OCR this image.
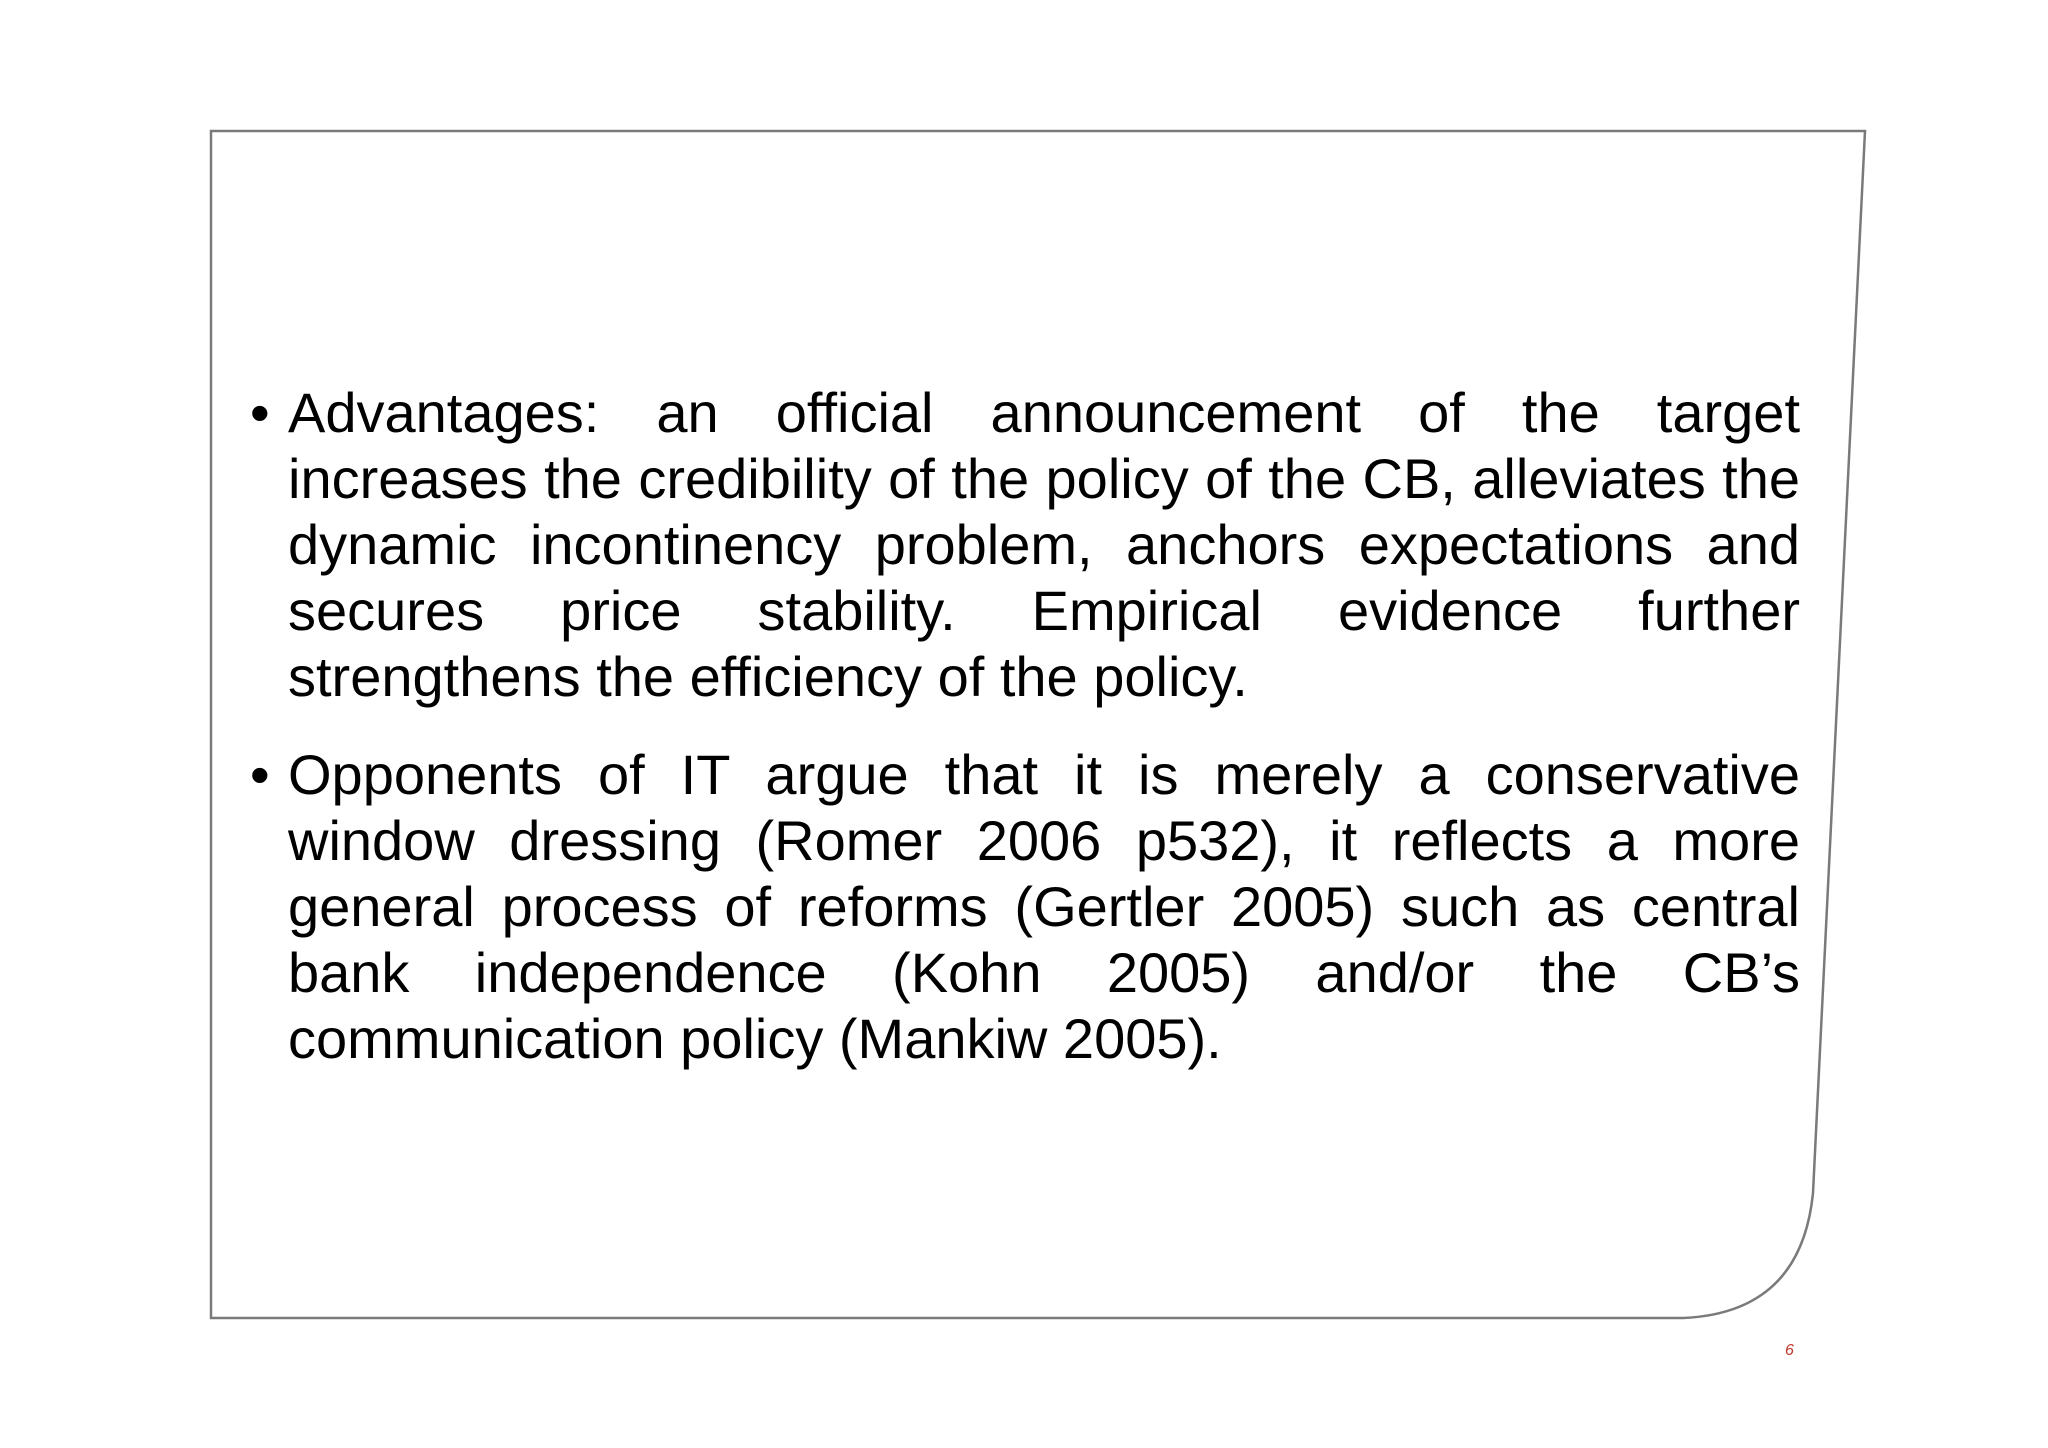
• Advantages: an official announcement of the target increases the credibility of the policy of the CB, alleviates the dynamic incontinency problem, anchors expectations and secures price stability. Empirical evidence further strengthens the efficiency of the policy.

• Opponents of IT argue that it is merely a conservative window dressing (Romer 2006 p532), it reflects a more general process of reforms (Gertler 2005) such as central bank independence (Kohn 2005) and/or the CB’s communication policy (Mankiw 2005).

6
